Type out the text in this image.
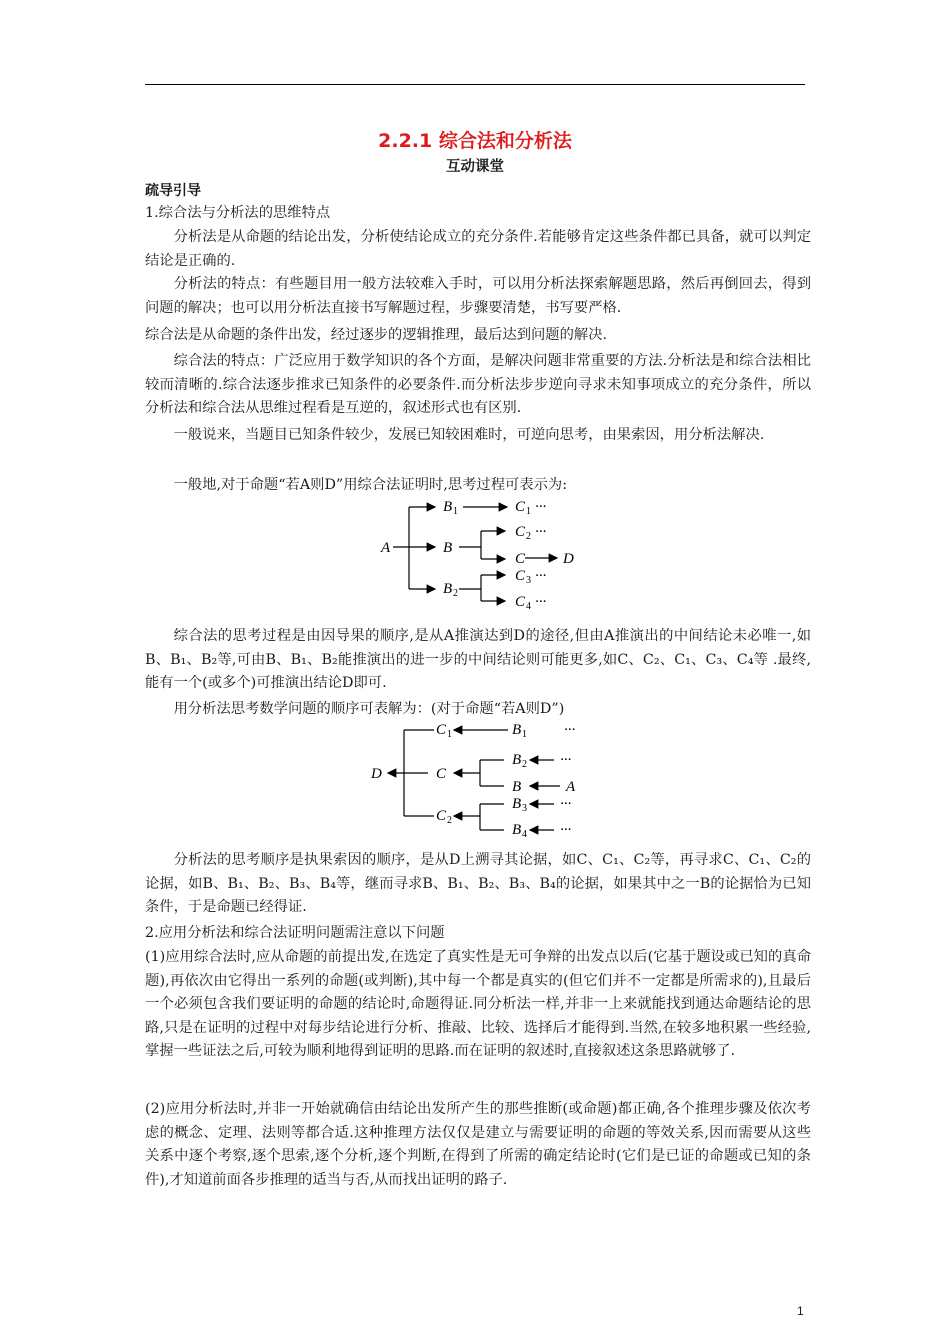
2.2.1 综合法和分析法
互动课堂
疏导引导

1.综合法与分析法的思维特点

分析法是从命题的结论出发，分析使结论成立的充分条件.若能够肯定这些条件都已具备，就可以判定结论是正确的.

分析法的特点：有些题目用一般方法较难入手时，可以用分析法探索解题思路，然后再倒回去，得到问题的解决；也可以用分析法直接书写解题过程，步骤要清楚，书写要严格.

综合法是从命题的条件出发，经过逐步的逻辑推理，最后达到问题的解决.

综合法的特点：广泛应用于数学知识的各个方面，是解决问题非常重要的方法.分析法是和综合法相比较而清晰的.综合法逐步推求已知条件的必要条件.而分析法步步逆向寻求未知事项成立的充分条件，所以分析法和综合法从思维过程看是互逆的，叙述形式也有区别.

一般说来，当题目已知条件较少，发展已知较困难时，可逆向思考，由果索因，用分析法解决.

一般地,对于命题“若A则D”用综合法证明时,思考过程可表示为:

A
B 1
B
B 2
C 1 ···
C 2 ···
C	D
C 3 ···
C 4 ···

综合法的思考过程是由因导果的顺序,是从A推演达到D的途径,但由A推演出的中间结论未必唯一,如B、B₁、B₂等,可由B、B₁、B₂能推演出的进一步的中间结论则可能更多,如C、C₂、C₁、C₃、C₄等 .最终,能有一个(或多个)可推演出结论D即可.

用分析法思考数学问题的顺序可表解为：(对于命题“若A则D”)

D
C 1
C
C 2
B 1 ···
B 2 ···
B	A
B 3 ···
B 4 ···

分析法的思考顺序是执果索因的顺序，是从D上溯寻其论据，如C、C₁、C₂等，再寻求C、C₁、C₂的论据，如B、B₁、B₂、B₃、B₄等，继而寻求B、B₁、B₂、B₃、B₄的论据，如果其中之一B的论据恰为已知条件，于是命题已经得证.

2.应用分析法和综合法证明问题需注意以下问题

(1)应用综合法时,应从命题的前提出发,在选定了真实性是无可争辩的出发点以后(它基于题设或已知的真命题),再依次由它得出一系列的命题(或判断),其中每一个都是真实的(但它们并不一定都是所需求的),且最后一个必须包含我们要证明的命题的结论时,命题得证.同分析法一样,并非一上来就能找到通达命题结论的思路,只是在证明的过程中对每步结论进行分析、推敲、比较、选择后才能得到.当然,在较多地积累一些经验,掌握一些证法之后,可较为顺利地得到证明的思路.而在证明的叙述时,直接叙述这条思路就够了.

(2)应用分析法时,并非一开始就确信由结论出发所产生的那些推断(或命题)都正确,各个推理步骤及依次考虑的概念、定理、法则等都合适.这种推理方法仅仅是建立与需要证明的命题的等效关系,因而需要从这些关系中逐个考察,逐个思索,逐个分析,逐个判断,在得到了所需的确定结论时(它们是已证的命题或已知的条件),才知道前面各步推理的适当与否,从而找出证明的路子.

1
